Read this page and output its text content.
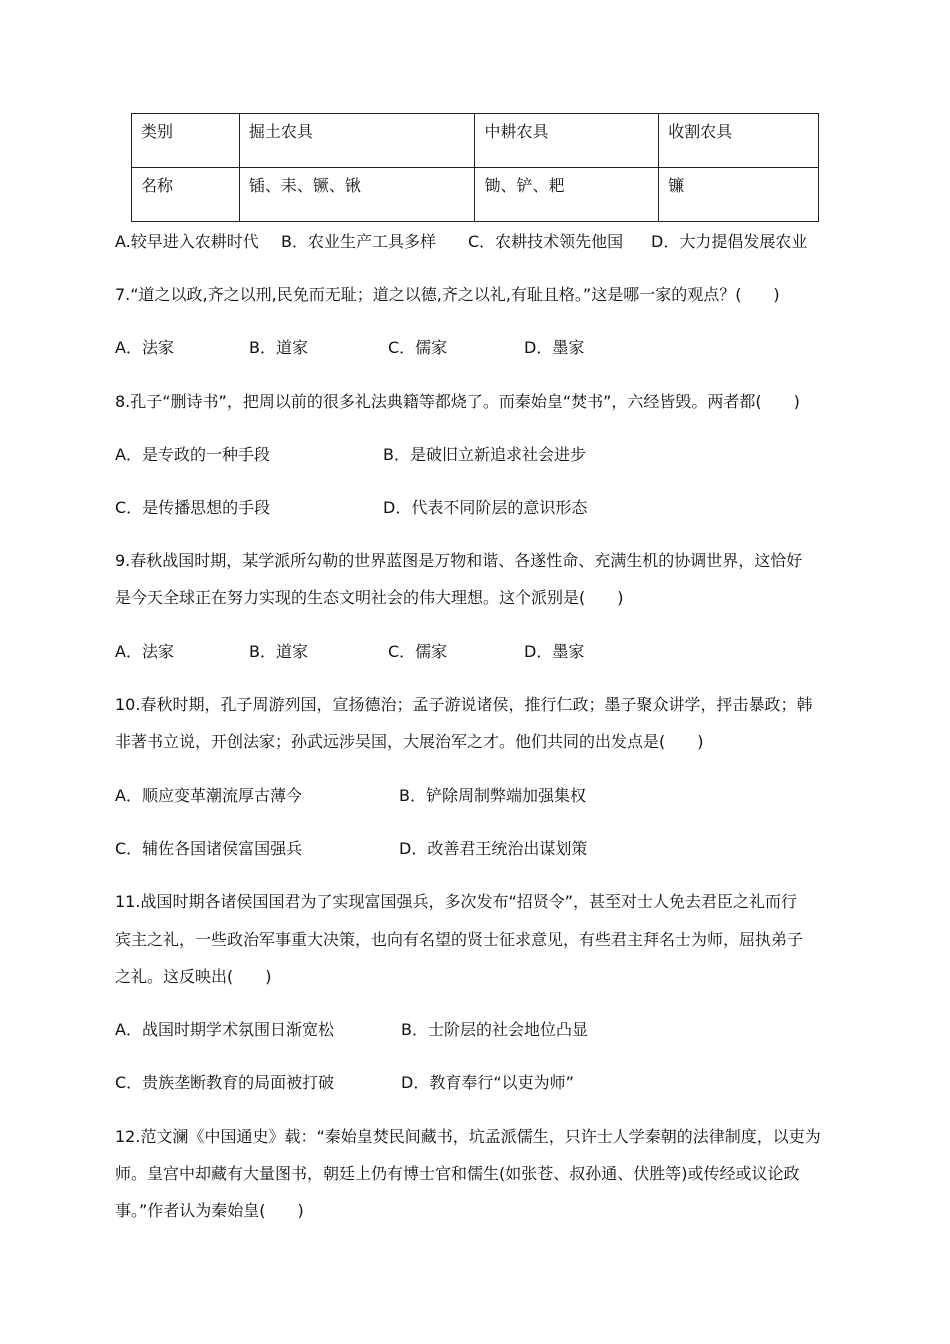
类别	掘土农具	中耕农具	收割农具
名称	锸、耒、镢、锹	锄、铲、耙	镰
A.较早进入农耕时代 B．农业生产工具多样 C．农耕技术领先他国 D．大力提倡发展农业
7.“道之以政,齐之以刑,民免而无耻；道之以德,齐之以礼,有耻且格。”这是哪一家的观点？(　　)
A．法家	B．道家	C．儒家	D．墨家
8.孔子“删诗书”，把周以前的很多礼法典籍等都烧了。而秦始皇“焚书”，六经皆毁。两者都(　　)
A．是专政的一种手段	B．是破旧立新追求社会进步
C．是传播思想的手段	D．代表不同阶层的意识形态
9.春秋战国时期，某学派所勾勒的世界蓝图是万物和谐、各遂性命、充满生机的协调世界，这恰好
是今天全球正在努力实现的生态文明社会的伟大理想。这个派别是(　　)
A．法家	B．道家	C．儒家	D．墨家
10.春秋时期，孔子周游列国，宣扬德治；孟子游说诸侯，推行仁政；墨子聚众讲学，抨击暴政；韩
非著书立说，开创法家；孙武远涉吴国，大展治军之才。他们共同的出发点是(　　)
A．顺应变革潮流厚古薄今	B．铲除周制弊端加强集权
C．辅佐各国诸侯富国强兵	D．改善君王统治出谋划策
11.战国时期各诸侯国国君为了实现富国强兵，多次发布“招贤令”，甚至对士人免去君臣之礼而行
宾主之礼，一些政治军事重大决策，也向有名望的贤士征求意见，有些君主拜名士为师，屈执弟子
之礼。这反映出(　　)
A．战国时期学术氛围日渐宽松	B．士阶层的社会地位凸显
C．贵族垄断教育的局面被打破	D．教育奉行“以吏为师”
12.范文澜《中国通史》载：“秦始皇焚民间藏书，坑孟派儒生，只许士人学秦朝的法律制度，以吏为
师。皇宫中却藏有大量图书，朝廷上仍有博士官和儒生(如张苍、叔孙通、伏胜等)或传经或议论政
事。”作者认为秦始皇(　　)
